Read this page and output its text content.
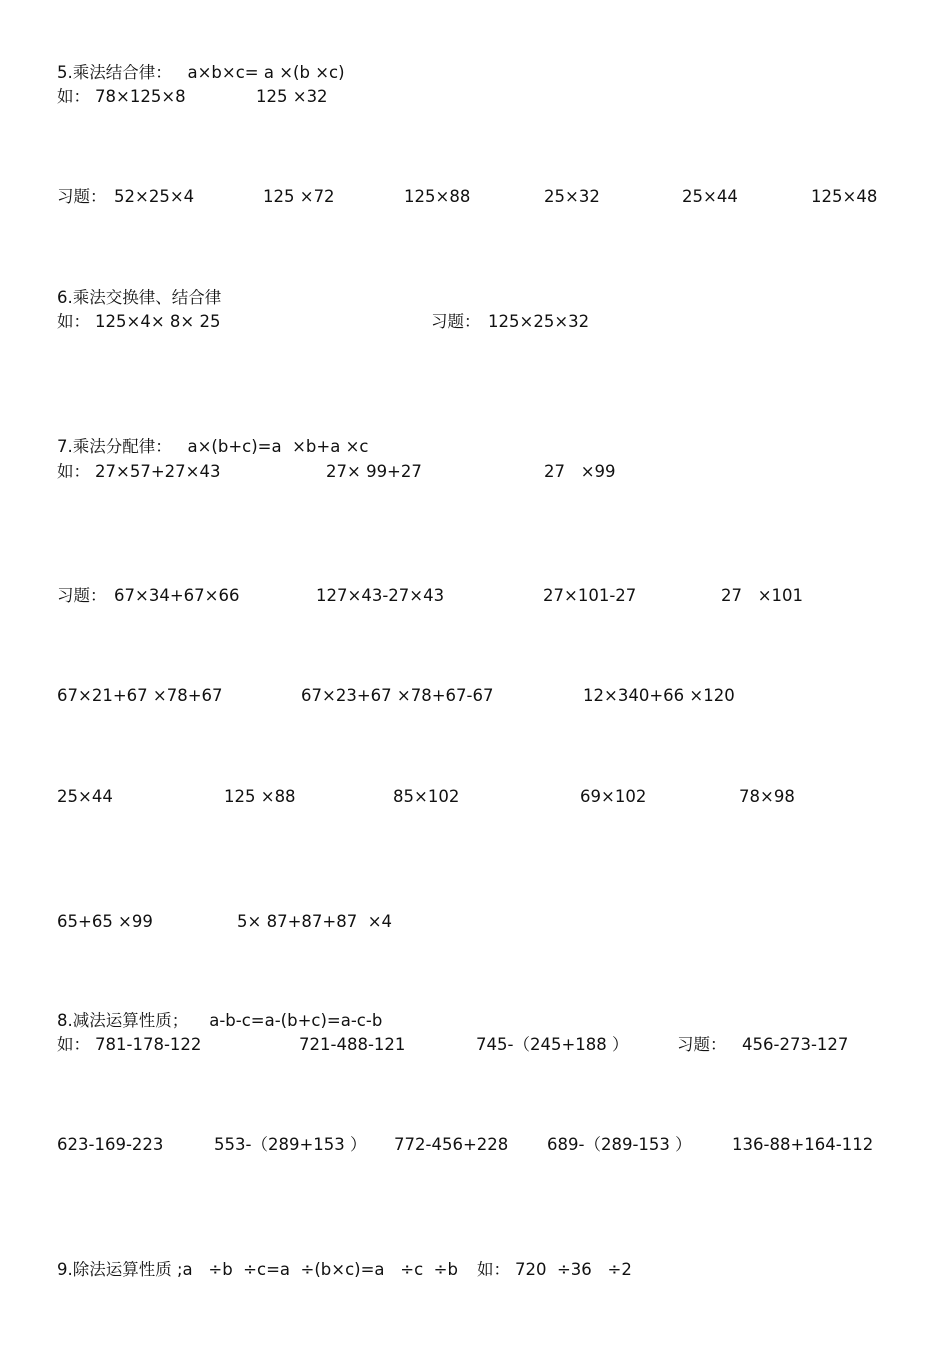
5.乘法结合律：   a×b×c= a ×(b ×c)
如： 78×125×8	125 ×32
习题： 52×25×4	125 ×72	125×88	25×32	25×44	125×48
6.乘法交换律、结合律
如： 125×4× 8× 25	习题： 125×25×32
7.乘法分配律：   a×(b+c)=a  ×b+a ×c
如： 27×57+27×43	27× 99+27	27   ×99
习题： 67×34+67×66	127×43-27×43	27×101-27	27   ×101
67×21+67 ×78+67	67×23+67 ×78+67-67	12×340+66 ×120
25×44	125 ×88	85×102	69×102	78×98
65+65 ×99	5× 87+87+87  ×4
8.减法运算性质；    a-b-c=a-(b+c)=a-c-b
如： 781-178-122	721-488-121	745-（245+188 ）	习题： 456-273-127
623-169-223	553-（289+153 ） 772-456+228 689-（289-153 ） 136-88+164-112
9.除法运算性质 ;a   ÷b  ÷c=a  ÷(b×c)=a   ÷c  ÷b 如： 720  ÷36   ÷2
